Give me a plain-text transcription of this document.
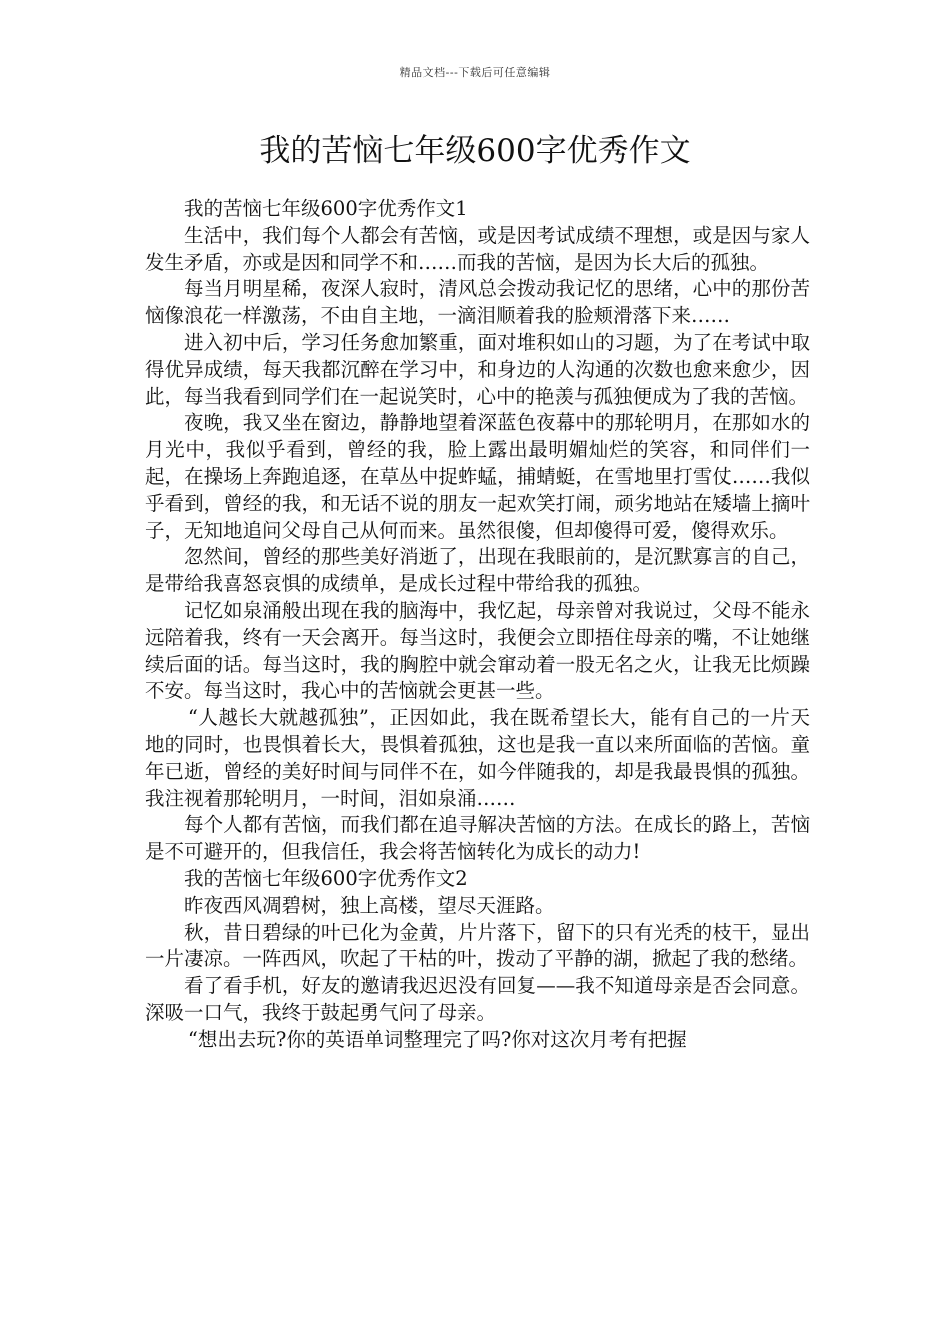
精品文档---下载后可任意编辑
我的苦恼七年级600字优秀作文

我的苦恼七年级600字优秀作文1

生活中，我们每个人都会有苦恼，或是因考试成绩不理想，或是因与家人发生矛盾，亦或是因和同学不和……而我的苦恼，是因为长大后的孤独。

每当月明星稀，夜深人寂时，清风总会拨动我记忆的思绪，心中的那份苦恼像浪花一样激荡，不由自主地，一滴泪顺着我的脸颊滑落下来……

进入初中后，学习任务愈加繁重，面对堆积如山的习题，为了在考试中取得优异成绩，每天我都沉醉在学习中，和身边的人沟通的次数也愈来愈少，因此，每当我看到同学们在一起说笑时，心中的艳羡与孤独便成为了我的苦恼。

夜晚，我又坐在窗边，静静地望着深蓝色夜幕中的那轮明月，在那如水的月光中，我似乎看到，曾经的我，脸上露出最明媚灿烂的笑容，和同伴们一起，在操场上奔跑追逐，在草丛中捉蚱蜢，捕蜻蜓，在雪地里打雪仗……我似乎看到，曾经的我，和无话不说的朋友一起欢笑打闹，顽劣地站在矮墙上摘叶子，无知地追问父母自己从何而来。虽然很傻，但却傻得可爱，傻得欢乐。

忽然间，曾经的那些美好消逝了，出现在我眼前的，是沉默寡言的自己，是带给我喜怒哀惧的成绩单，是成长过程中带给我的孤独。

记忆如泉涌般出现在我的脑海中，我忆起，母亲曾对我说过，父母不能永远陪着我，终有一天会离开。每当这时，我便会立即捂住母亲的嘴，不让她继续后面的话。每当这时，我的胸腔中就会窜动着一股无名之火，让我无比烦躁不安。每当这时，我心中的苦恼就会更甚一些。

“人越长大就越孤独”，正因如此，我在既希望长大，能有自己的一片天地的同时，也畏惧着长大，畏惧着孤独，这也是我一直以来所面临的苦恼。童年已逝，曾经的美好时间与同伴不在，如今伴随我的，却是我最畏惧的孤独。我注视着那轮明月，一时间，泪如泉涌……

每个人都有苦恼，而我们都在追寻解决苦恼的方法。在成长的路上，苦恼是不可避开的，但我信任，我会将苦恼转化为成长的动力!

我的苦恼七年级600字优秀作文2

昨夜西风凋碧树，独上高楼，望尽天涯路。

秋，昔日碧绿的叶已化为金黄，片片落下，留下的只有光秃的枝干，显出一片凄凉。一阵西风，吹起了干枯的叶，拨动了平静的湖，掀起了我的愁绪。

看了看手机，好友的邀请我迟迟没有回复——我不知道母亲是否会同意。深吸一口气，我终于鼓起勇气问了母亲。

“想出去玩?你的英语单词整理完了吗?你对这次月考有把握
